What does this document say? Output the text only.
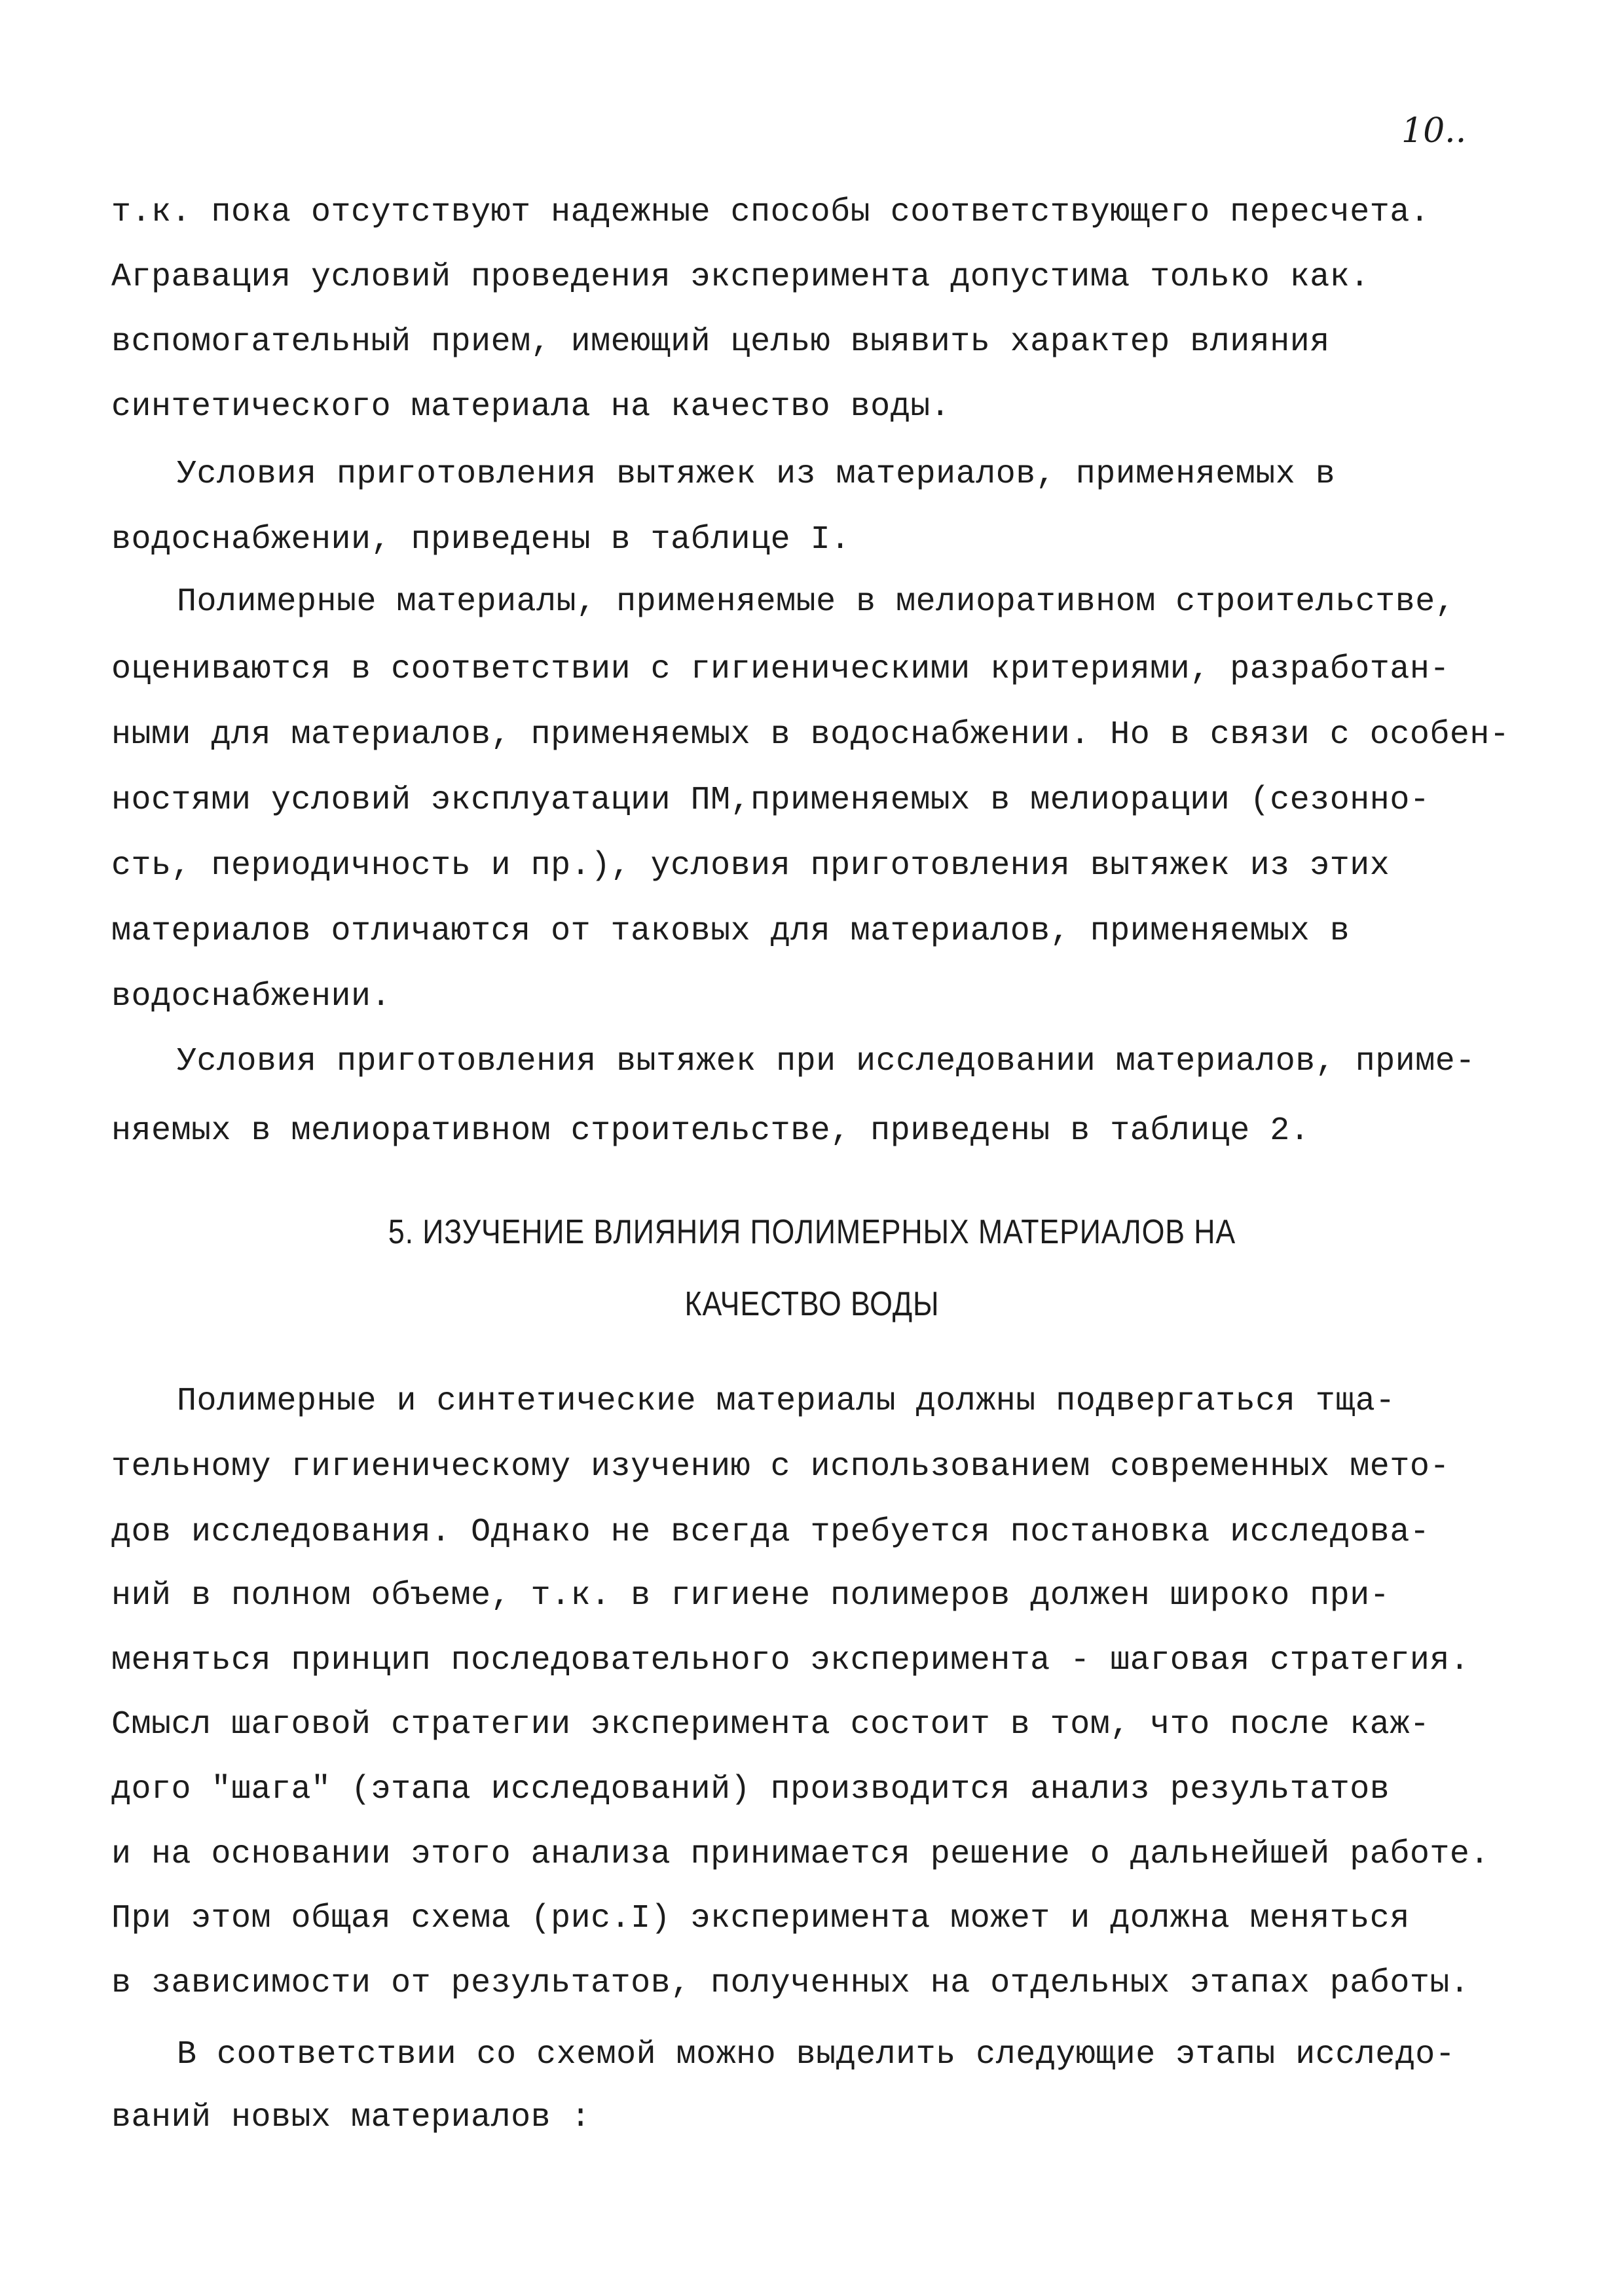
10..
т.к. пока отсутствуют надежные способы соответствующего пересчета.
Агравация условий проведения эксперимента допустима только как.
вспомогательный прием, имеющий целью выявить характер влияния
синтетического материала на качество воды.
Условия приготовления вытяжек из материалов, применяемых в
водоснабжении, приведены в таблице I.
Полимерные материалы, применяемые в мелиоративном строительстве,
оцениваются в соответствии с гигиеническими критериями, разработан-
ными для материалов, применяемых в водоснабжении. Но в связи с особен-
ностями условий эксплуатации ПМ,применяемых в мелиорации (сезонно-
сть, периодичность и пр.), условия приготовления вытяжек из этих
материалов отличаются от таковых для материалов, применяемых в
водоснабжении.
Условия приготовления вытяжек при исследовании материалов, приме-
няемых в мелиоративном строительстве, приведены в таблице 2.
5. ИЗУЧЕНИЕ ВЛИЯНИЯ ПОЛИМЕРНЫХ МАТЕРИАЛОВ НА
КАЧЕСТВО ВОДЫ
Полимерные и синтетические материалы должны подвергаться тща-
тельному гигиеническому изучению с использованием современных мето-
дов исследования. Однако не всегда требуется постановка исследова-
ний в полном объеме, т.к. в гигиене полимеров должен широко при-
меняться принцип последовательного эксперимента - шаговая стратегия.
Смысл шаговой стратегии эксперимента состоит в том, что после каж-
дого "шага" (этапа исследований) производится анализ результатов
и на основании этого анализа принимается решение о дальнейшей работе.
При этом общая схема (рис.I) эксперимента может и должна меняться
в зависимости от результатов, полученных на отдельных этапах работы.
В соответствии со схемой можно выделить следующие этапы исследо-
ваний новых материалов :
